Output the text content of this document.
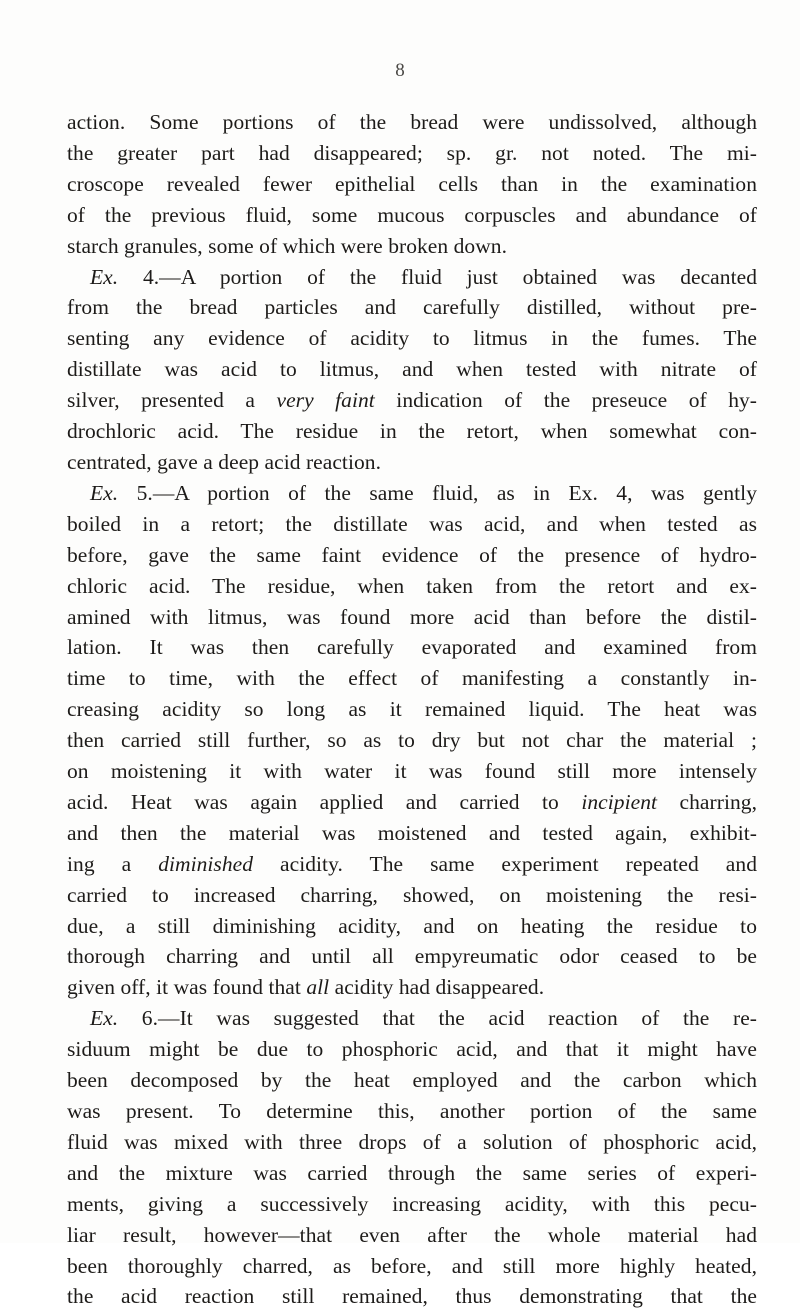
8
action. Some portions of the bread were undissolved, although
the greater part had disappeared; sp. gr. not noted. The mi-
croscope revealed fewer epithelial cells than in the examination
of the previous fluid, some mucous corpuscles and abundance of
starch granules, some of which were broken down.
Ex. 4.—A portion of the fluid just obtained was decanted
from the bread particles and carefully distilled, without pre-
senting any evidence of acidity to litmus in the fumes. The
distillate was acid to litmus, and when tested with nitrate of
silver, presented a very faint indication of the preseuce of hy-
drochloric acid. The residue in the retort, when somewhat con-
centrated, gave a deep acid reaction.
Ex. 5.—A portion of the same fluid, as in Ex. 4, was gently
boiled in a retort; the distillate was acid, and when tested as
before, gave the same faint evidence of the presence of hydro-
chloric acid. The residue, when taken from the retort and ex-
amined with litmus, was found more acid than before the distil-
lation. It was then carefully evaporated and examined from
time to time, with the effect of manifesting a constantly in-
creasing acidity so long as it remained liquid. The heat was
then carried still further, so as to dry but not char the material ;
on moistening it with water it was found still more intensely
acid. Heat was again applied and carried to incipient charring,
and then the material was moistened and tested again, exhibit-
ing a diminished acidity. The same experiment repeated and
carried to increased charring, showed, on moistening the resi-
due, a still diminishing acidity, and on heating the residue to
thorough charring and until all empyreumatic odor ceased to be
given off, it was found that all acidity had disappeared.
Ex. 6.—It was suggested that the acid reaction of the re-
siduum might be due to phosphoric acid, and that it might have
been decomposed by the heat employed and the carbon which
was present. To determine this, another portion of the same
fluid was mixed with three drops of a solution of phosphoric acid,
and the mixture was carried through the same series of experi-
ments, giving a successively increasing acidity, with this pecu-
liar result, however—that even after the whole material had
been thoroughly charred, as before, and still more highly heated,
the acid reaction still remained, thus demonstrating that the
